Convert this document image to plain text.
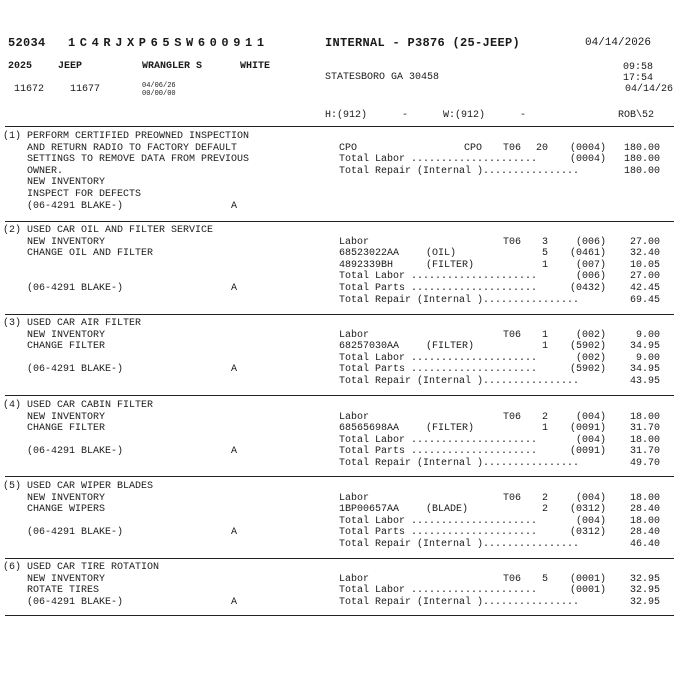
52034 1C4RJXP65SW600911	INTERNAL - P3876 (25-JEEP)	04/14/2026
2025	JEEP	WRANGLER S	WHITE	09:58
STATESBORO GA 30458	17:54
04/14/26
11672	11677	04/06/26
00/00/00
H:(912)	-	W:(912)	-	ROB\52
(1) PERFORM CERTIFIED PREOWNED INSPECTION
AND RETURN RADIO TO FACTORY DEFAULT
SETTINGS TO REMOVE DATA FROM PREVIOUS
OWNER.
NEW INVENTORY
INSPECT FOR DEFECTS
(06-4291 BLAKE-)	A
CPO	CPO T06	20	(0004)	180.00
Total Labor .....................	(0004)	180.00
Total Repair (Internal )................	180.00
(2) USED CAR OIL AND FILTER SERVICE
NEW INVENTORY
CHANGE OIL AND FILTER
(06-4291 BLAKE-)	A
Labor	T06	3	(006)	27.00
68523022AA	(OIL)	5	(0461)	32.40
4892339BH	(FILTER)	1	(007)	10.05
Total Labor .....................	(006)	27.00
Total Parts .....................	(0432)	42.45
Total Repair (Internal )................	69.45
(3) USED CAR AIR FILTER
NEW INVENTORY
CHANGE FILTER
(06-4291 BLAKE-)	A
Labor	T06	1	(002)	9.00
68257030AA	(FILTER)	1	(5902)	34.95
Total Labor .....................	(002)	9.00
Total Parts .....................	(5902)	34.95
Total Repair (Internal )................	43.95
(4) USED CAR CABIN FILTER
NEW INVENTORY
CHANGE FILTER
(06-4291 BLAKE-)	A
Labor	T06	2	(004)	18.00
68565698AA	(FILTER)	1	(0091)	31.70
Total Labor .....................	(004)	18.00
Total Parts .....................	(0091)	31.70
Total Repair (Internal )................	49.70
(5) USED CAR WIPER BLADES
NEW INVENTORY
CHANGE WIPERS
(06-4291 BLAKE-)	A
Labor	T06	2	(004)	18.00
1BP00657AA	(BLADE)	2	(0312)	28.40
Total Labor .....................	(004)	18.00
Total Parts .....................	(0312)	28.40
Total Repair (Internal )................	46.40
(6) USED CAR TIRE ROTATION
NEW INVENTORY
ROTATE TIRES
(06-4291 BLAKE-)	A
Labor	T06	5	(0001)	32.95
Total Labor .....................	(0001)	32.95
Total Repair (Internal )................	32.95
